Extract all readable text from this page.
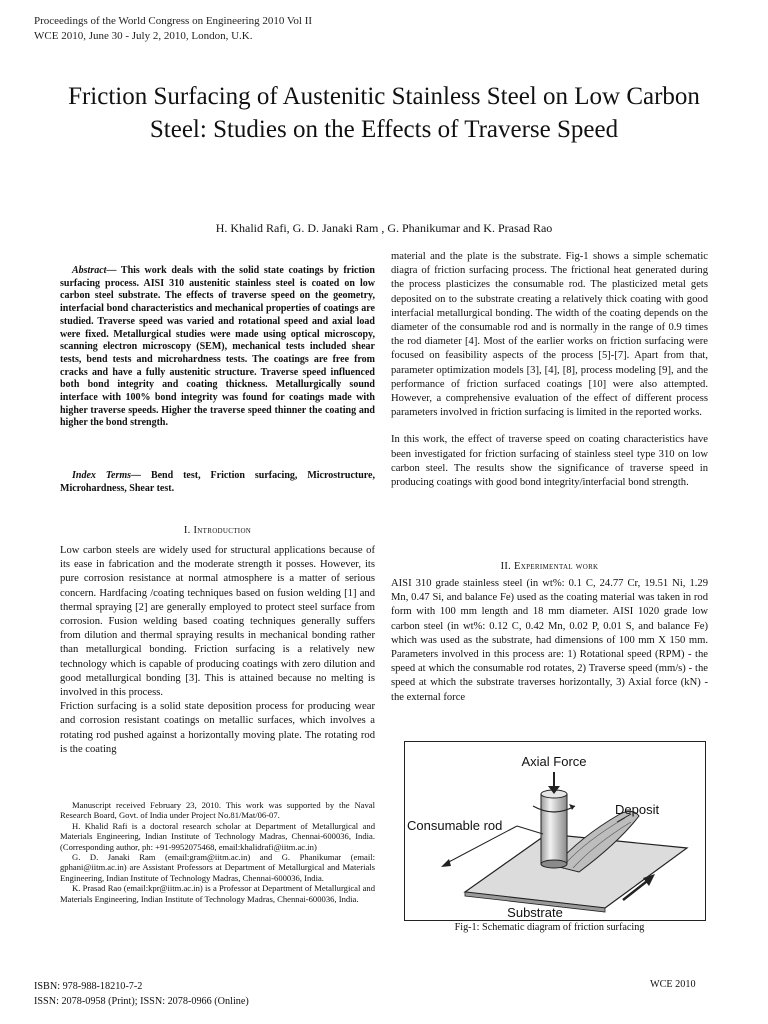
Proceedings of the World Congress on Engineering 2010 Vol II
WCE 2010, June 30 - July 2, 2010, London, U.K.
Friction Surfacing of Austenitic Stainless Steel on Low Carbon Steel: Studies on the Effects of Traverse Speed
H. Khalid Rafi, G. D. Janaki Ram , G. Phanikumar and K. Prasad Rao
Abstract— This work deals with the solid state coatings by friction surfacing process. AISI 310 austenitic stainless steel is coated on low carbon steel substrate. The effects of traverse speed on the geometry, interfacial bond characteristics and mechanical properties of coatings are studied. Traverse speed was varied and rotational speed and axial load were fixed. Metallurgical studies were made using optical microscopy, scanning electron microscopy (SEM), mechanical tests included shear tests, bend tests and microhardness tests. The coatings are free from cracks and have a fully austenitic structure. Traverse speed influenced both bond integrity and coating thickness. Metallurgically sound interface with 100% bond integrity was found for coatings made with higher traverse speeds. Higher the traverse speed thinner the coating and higher the bond strength.
Index Terms— Bend test, Friction surfacing, Microstructure, Microhardness, Shear test.
I. Introduction

Low carbon steels are widely used for structural applications because of its ease in fabrication and the moderate strength it posses. However, its pure corrosion resistance at normal atmosphere is a matter of serious concern. Hardfacing /coating techniques based on fusion welding [1] and thermal spraying [2] are generally employed to protect steel surface from corrosion. Fusion welding based coating techniques generally suffers from dilution and thermal spraying results in mechanical bonding rather than metallurgical bonding. Friction surfacing is a relatively new technology which is capable of producing coatings with zero dilution and good metallurgical bonding [3]. This is attained because no melting is involved in this process.

Friction surfacing is a solid state deposition process for producing wear and corrosion resistant coatings on metallic surfaces, which involves a rotating rod pushed against a horizontally moving plate. The rotating rod is the coating

Manuscript received February 23, 2010. This work was supported by the Naval Research Board, Govt. of India under Project No.81/Mat/06-07.

H. Khalid Rafi is a doctoral research scholar at Department of Metallurgical and Materials Engineering, Indian Institute of Technology Madras, Chennai-600036, India. (Corresponding author, ph: +91-9952075468, email:khalidrafi@iitm.ac.in)

G. D. Janaki Ram (email:gram@iitm.ac.in) and G. Phanikumar (email: gphani@iitm.ac.in) are Assistant Professors at Department of Metallurgical and Materials Engineering, Indian Institute of Technology Madras, Chennai-600036, India.

K. Prasad Rao (email:kpr@iitm.ac.in) is a Professor at Department of Metallurgical and Materials Engineering, Indian Institute of Technology Madras, Chennai-600036, India.

material and the plate is the substrate. Fig-1 shows a simple schematic diagra of friction surfacing process. The frictional heat generated during the process plasticizes the consumable rod. The plasticized metal gets deposited on to the substrate creating a relatively thick coating with good interfacial metallurgical bonding. The width of the coating depends on the diameter of the consumable rod and is normally in the range of 0.9 times the rod diameter [4]. Most of the earlier works on friction surfacing were focused on feasibility aspects of the process [5]-[7]. Apart from that, parameter optimization models [3], [4], [8], process modeling [9], and the performance of friction surfaced coatings [10] were also attempted. However, a comprehensive evaluation of the effect of different process parameters involved in friction surfacing is limited in the reported works.

In this work, the effect of traverse speed on coating characteristics have been investigated for friction surfacing of stainless steel type 310 on low carbon steel. The results show the significance of traverse speed in producing coatings with good bond integrity/interfacial bond strength.

II. Experimental work

AISI 310 grade stainless steel (in wt%: 0.1 C, 24.77 Cr, 19.51 Ni, 1.29 Mn, 0.47 Si, and balance Fe) used as the coating material was taken in rod form with 100 mm length and 18 mm diameter. AISI 1020 grade low carbon steel (in wt%: 0.12 C, 0.42 Mn, 0.02 P, 0.01 S, and balance Fe) which was used as the substrate, had dimensions of 100 mm X 150 mm. Parameters involved in this process are: 1) Rotational speed (RPM) - the speed at which the consumable rod rotates, 2) Traverse speed (mm/s) - the speed at which the substrate traverses horizontally, 3) Axial force (kN) - the external force

Axial Force
Deposit
Consumable rod
Substrate
Fig-1: Schematic diagram of friction surfacing
ISBN: 978-988-18210-7-2
ISSN: 2078-0958 (Print); ISSN: 2078-0966 (Online)
WCE 2010
